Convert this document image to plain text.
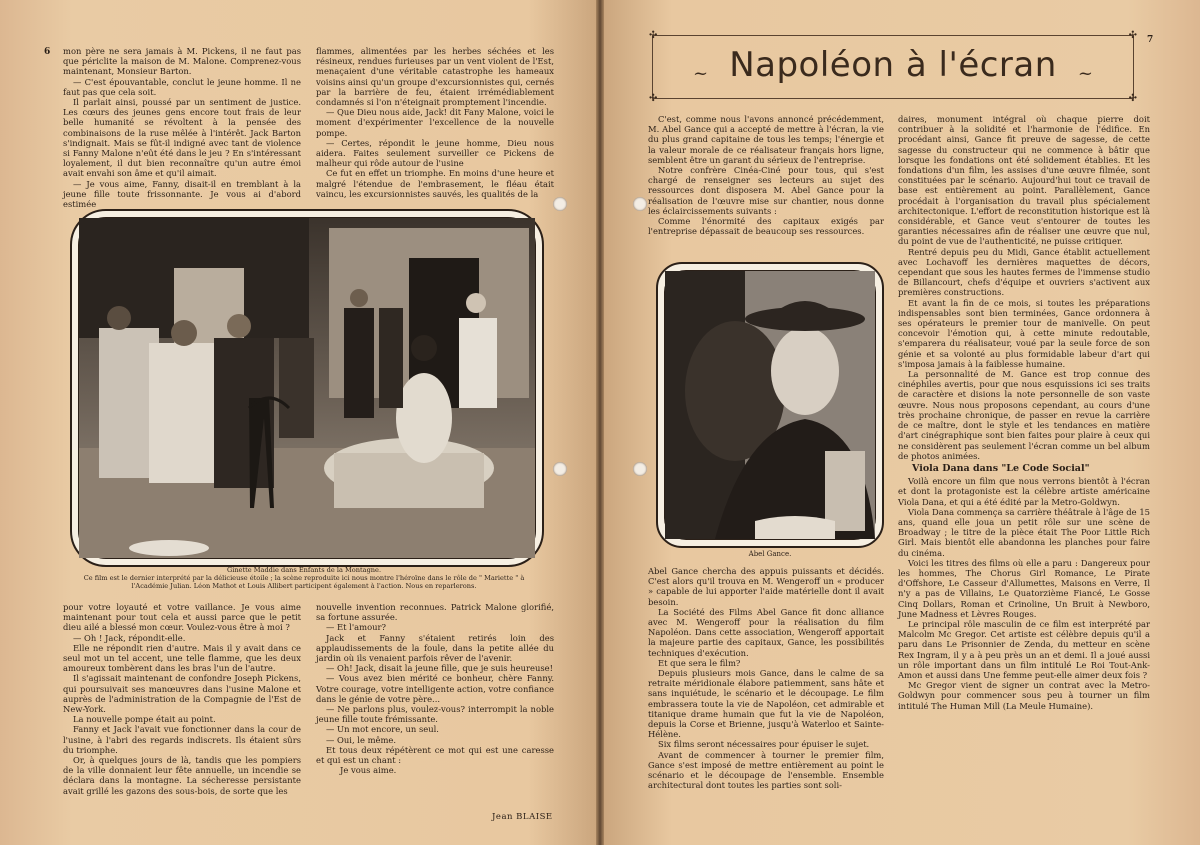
6 mon père ne sera jamais à M. Pickens, il ne faut pas que périclite la maison de M. Malone. Comprenez-vous maintenant, Monsieur Barton.

— C'est épouvantable, conclut le jeune homme. Il ne faut pas que cela soit.

Il parlait ainsi, poussé par un sentiment de justice. Les cœurs des jeunes gens encore tout frais de leur belle humanité se révoltent à la pensée des combinaisons de la ruse mêlée à l'intérêt. Jack Barton s'indignait. Mais se fût-il indigné avec tant de violence si Fanny Malone n'eût été dans le jeu ? En s'intéressant loyalement, il dut bien reconnaître qu'un autre émoi avait envahi son âme et qu'il aimait.

— Je vous aime, Fanny, disait-il en tremblant à la jeune fille toute frissonnante. Je vous ai d'abord estimée

flammes, alimentées par les herbes séchées et les résineux, rendues furieuses par un vent violent de l'Est, menaçaient d'une véritable catastrophe les hameaux voisins ainsi qu'un groupe d'excursionnistes qui, cernés par la barrière de feu, étaient irrémédiablement condamnés si l'on n'éteignait promptement l'incendie.

— Que Dieu nous aide, Jack! dit Fany Malone, voici le moment d'expérimenter l'excellence de la nouvelle pompe.

— Certes, répondit le jeune homme, Dieu nous aidera. Faites seulement surveiller ce Pickens de malheur qui rôde autour de l'usine

Ce fut en effet un triomphe. En moins d'une heure et malgré l'étendue de l'embrasement, le fléau était vaincu, les excursionnistes sauvés, les qualités de la

Ginette Maddie dans Enfants de la Montagne.
Ce film est le dernier interprété par la délicieuse étoile ; la scène reproduite ici nous montre l'héroïne dans le rôle de " Mariette " à l'Académie Julian. Léon Mathot et Louis Allibert participent également à l'action. Nous en reparlerons.

pour votre loyauté et votre vaillance. Je vous aime maintenant pour tout cela et aussi parce que le petit dieu ailé a blessé mon cœur. Voulez-vous être à moi ?

— Oh ! Jack, répondit-elle.

Elle ne répondit rien d'autre. Mais il y avait dans ce seul mot un tel accent, une telle flamme, que les deux amoureux tombèrent dans les bras l'un de l'autre.

Il s'agissait maintenant de confondre Joseph Pickens, qui poursuivait ses manœuvres dans l'usine Malone et auprès de l'administration de la Compagnie de l'Est de New-York.

La nouvelle pompe était au point.

Fanny et Jack l'avait vue fonctionner dans la cour de l'usine, à l'abri des regards indiscrets. Ils étaient sûrs du triomphe.

Or, à quelques jours de là, tandis que les pompiers de la ville donnaient leur fête annuelle, un incendie se déclara dans la montagne. La sécheresse persistante avait grillé les gazons des sous-bois, de sorte que les

nouvelle invention reconnues. Patrick Malone glorifié, sa fortune assurée.

— Et l'amour?

Jack et Fanny s'étaient retirés loin des applaudissements de la foule, dans la petite allée du jardin où ils venaient parfois rêver de l'avenir.

— Oh! Jack, disait la jeune fille, que je suis heureuse!

— Vous avez bien mérité ce bonheur, chère Fanny. Votre courage, votre intelligente action, votre confiance dans le génie de votre père...

— Ne parlons plus, voulez-vous? interrompit la noble jeune fille toute frémissante.

— Un mot encore, un seul.

— Oui, le même.

Et tous deux répétèrent ce mot qui est une caresse et qui est un chant :

Je vous aime.

Jean BLAISE
7
✣	✣
✣	✣
~	~
Napoléon à l'écran

C'est, comme nous l'avons annoncé précédemment, M. Abel Gance qui a accepté de mettre à l'écran, la vie du plus grand capitaine de tous les temps; l'énergie et la valeur morale de ce réalisateur français hors ligne, semblent être un garant du sérieux de l'entreprise.

Notre confrère Cinéa-Ciné pour tous, qui s'est chargé de renseigner ses lecteurs au sujet des ressources dont disposera M. Abel Gance pour la réalisation de l'œuvre mise sur chantier, nous donne les éclaircissements suivants :

Comme l'énormité des capitaux exigés par l'entreprise dépassait de beaucoup ses ressources.

Abel Gance.

Abel Gance chercha des appuis puissants et décidés. C'est alors qu'il trouva en M. Wengeroff un « producer » capable de lui apporter l'aide matérielle dont il avait besoin.

La Société des Films Abel Gance fit donc alliance avec M. Wengeroff pour la réalisation du film Napoléon. Dans cette association, Wengeroff apportait la majeure partie des capitaux, Gance, les possibilités techniques d'exécution.

Et que sera le film?

Depuis plusieurs mois Gance, dans le calme de sa retraite méridionale élabore patiemment, sans hâte et sans inquiétude, le scénario et le découpage. Le film embrassera toute la vie de Napoléon, cet admirable et titanique drame humain que fut la vie de Napoléon, depuis la Corse et Brienne, jusqu'à Waterloo et Sainte-Hélène.

Six films seront nécessaires pour épuiser le sujet.

Avant de commencer à tourner le premier film, Gance s'est imposé de mettre entièrement au point le scénario et le découpage de l'ensemble. Ensemble architectural dont toutes les parties sont soli-

daires, monument intégral où chaque pierre doit contribuer à la solidité et l'harmonie de l'édifice. En procédant ainsi, Gance fit preuve de sagesse, de cette sagesse du constructeur qui ne commence à bâtir que lorsque les fondations ont été solidement établies. Et les fondations d'un film, les assises d'une œuvre filmée, sont constituées par le scénario. Aujourd'hui tout ce travail de base est entièrement au point. Parallèlement, Gance procédait à l'organisation du travail plus spécialement architectonique. L'effort de reconstitution historique est là considérable, et Gance veut s'entourer de toutes les garanties nécessaires afin de réaliser une œuvre que nul, du point de vue de l'authenticité, ne puisse critiquer.

Rentré depuis peu du Midi, Gance établit actuellement avec Lochavoff les dernières maquettes de décors, cependant que sous les hautes fermes de l'immense studio de Billancourt, chefs d'équipe et ouvriers s'activent aux premières constructions.

Et avant la fin de ce mois, si toutes les préparations indispensables sont bien terminées, Gance ordonnera à ses opérateurs le premier tour de manivelle. On peut concevoir l'émotion qui, à cette minute redoutable, s'emparera du réalisateur, voué par la seule force de son génie et sa volonté au plus formidable labeur d'art qui s'imposa jamais à la faiblesse humaine.

La personnalité de M. Gance est trop connue des cinéphiles avertis, pour que nous esquissions ici ses traits de caractère et disions la note personnelle de son vaste œuvre. Nous nous proposons cependant, au cours d'une très prochaine chronique, de passer en revue la carrière de ce maître, dont le style et les tendances en matière d'art cinégraphique sont bien faites pour plaire à ceux qui ne considèrent pas seulement l'écran comme un bel album de photos animées.

Viola Dana dans "Le Code Social"

Voilà encore un film que nous verrons bientôt à l'écran et dont la protagoniste est la célèbre artiste américaine Viola Dana, et qui a été édité par la Metro-Goldwyn.

Viola Dana commença sa carrière théâtrale à l'âge de 15 ans, quand elle joua un petit rôle sur une scène de Broadway ; le titre de la pièce était The Poor Little Rich Girl. Mais bientôt elle abandonna les planches pour faire du cinéma.

Voici les titres des films où elle a paru : Dangereux pour les hommes, The Chorus Girl Romance, Le Pirate d'Offshore, Le Casseur d'Allumettes, Maisons en Verre, Il n'y a pas de Villains, Le Quatorzième Fiancé, Le Gosse Cinq Dollars, Roman et Crinoline, Un Bruit à Newboro, June Madness et Lèvres Rouges.

Le principal rôle masculin de ce film est interprété par Malcolm Mc Gregor. Cet artiste est célèbre depuis qu'il a paru dans Le Prisonnier de Zenda, du metteur en scène Rex Ingram, il y a à peu près un an et demi. Il a joué aussi un rôle important dans un film intitulé Le Roi Tout-Ank-Amon et aussi dans Une femme peut-elle aimer deux fois ?

Mc Gregor vient de signer un contrat avec la Metro-Goldwyn pour commencer sous peu à tourner un film intitulé The Human Mill (La Meule Humaine).
